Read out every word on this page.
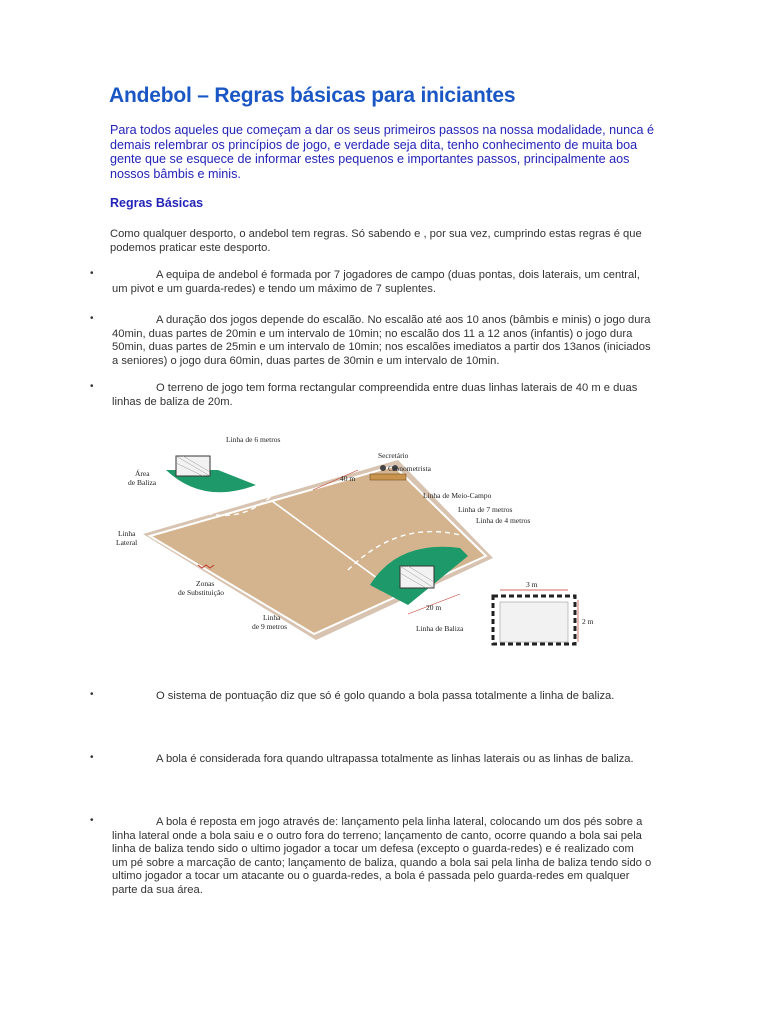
Andebol – Regras básicas para iniciantes

Para todos aqueles que começam a dar os seus primeiros passos na nossa modalidade, nunca é demais relembrar os princípios de jogo, e verdade seja dita, tenho conhecimento de muita boa gente que se esquece de informar estes pequenos e importantes passos, principalmente aos nossos bâmbis e minis.

Regras Básicas

Como qualquer desporto, o andebol tem regras. Só sabendo e , por sua vez, cumprindo estas regras é que podemos praticar este desporto.

•	A equipa de andebol é formada por 7 jogadores de campo (duas pontas, dois laterais, um central, um pivot e um guarda-redes) e tendo um máximo de 7 suplentes.

•	A duração dos jogos depende do escalão. No escalão até aos 10 anos (bâmbis e minis) o jogo dura 40min, duas partes de 20min e um intervalo de 10min; no escalão dos 11 a 12 anos (infantis) o jogo dura 50min, duas partes de 25min e um intervalo de 10min; nos escalões imediatos a partir dos 13anos (iniciados a seniores) o jogo dura 60min, duas partes de 30min e um intervalo de 10min.

•	O terreno de jogo tem forma rectangular compreendida entre duas linhas laterais de 40 m e duas linhas de baliza de 20m.

Linha de 6 metros
Área
de Baliza
Secretário
Cronometrista
40 m
Linha de Meio-Campo
Linha de 7 metros
Linha de 4 metros
Linha
Lateral
Zonas
de Substituição
20 m
Linha
de 9 metros	Linha de Baliza
3 m
2 m
•	O sistema de pontuação diz que só é golo quando a bola passa totalmente a linha de baliza.

•	A bola é considerada fora quando ultrapassa totalmente as linhas laterais ou as linhas de baliza.

•	A bola é reposta em jogo através de: lançamento pela linha lateral, colocando um dos pés sobre a linha lateral onde a bola saiu e o outro fora do terreno; lançamento de canto, ocorre quando a bola sai pela linha de baliza tendo sido o ultimo jogador a tocar um defesa (excepto o guarda-redes) e é realizado com um pé sobre a marcação de canto; lançamento de baliza, quando a bola sai pela linha de baliza tendo sido o ultimo jogador a tocar um atacante ou o guarda-redes, a bola é passada pelo guarda-redes em qualquer parte da sua área.
